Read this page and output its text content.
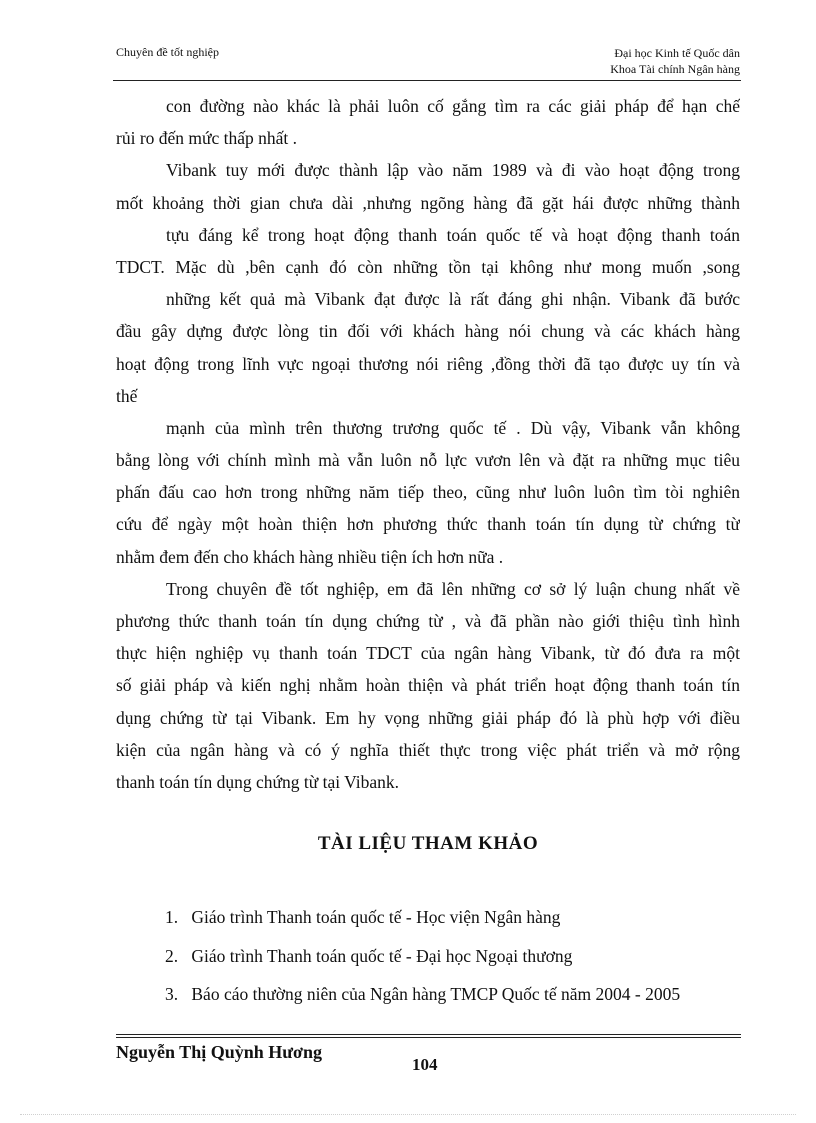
Chuyên đề tốt nghiệp	Đại học Kinh tế Quốc dân
Khoa Tài chính Ngân hàng
con đường nào khác là phải luôn cố gắng tìm ra các giải pháp để hạn chế
rủi ro đến mức thấp nhất .
Vibank tuy mới được thành lập vào năm 1989 và đi vào hoạt động trong
mốt khoảng thời gian chưa dài ,nhưng ngõng hàng đã gặt hái được những thành
tựu đáng kể trong hoạt động thanh toán quốc tế và hoạt động thanh toán
TDCT. Mặc dù ,bên cạnh đó còn những tồn tại không như mong muốn ,song
những kết quả mà Vibank đạt được là rất đáng ghi nhận. Vibank đã bước
đầu gây dựng được lòng tin đối với khách hàng nói chung và các khách hàng
hoạt động trong lĩnh vực ngoại thương nói riêng ,đồng thời đã tạo được uy tín và
thế
mạnh của mình trên thương trương quốc tế . Dù vậy, Vibank vẫn không
bằng lòng với chính mình mà vẫn luôn nỗ lực vươn lên và đặt ra những mục tiêu
phấn đấu cao hơn trong những năm tiếp theo, cũng như luôn luôn tìm tòi nghiên
cứu để ngày một hoàn thiện hơn phương thức thanh toán tín dụng từ chứng từ
nhằm đem đến cho khách hàng nhiều tiện ích hơn nữa .
Trong chuyên đề tốt nghiệp, em đã lên những cơ sở lý luận chung nhất về
phương thức thanh toán tín dụng chứng từ , và đã phần nào giới thiệu tình hình
thực hiện nghiệp vụ thanh toán TDCT của ngân hàng Vibank, từ đó đưa ra một
số giải pháp và kiến nghị nhằm hoàn thiện và phát triển hoạt động thanh toán tín
dụng chứng từ tại Vibank. Em hy vọng những giải pháp đó là phù hợp với điều
kiện của ngân hàng và có ý nghĩa thiết thực trong việc phát triển và mở rộng
thanh toán tín dụng chứng từ tại Vibank.
TÀI LIỆU THAM KHẢO
1. Giáo trình Thanh toán quốc tế - Học viện Ngân hàng
2. Giáo trình Thanh toán quốc tế - Đại học Ngoại thương
3. Báo cáo thường niên của Ngân hàng TMCP Quốc tế năm 2004 - 2005
Nguyễn Thị Quỳnh Hương
104
